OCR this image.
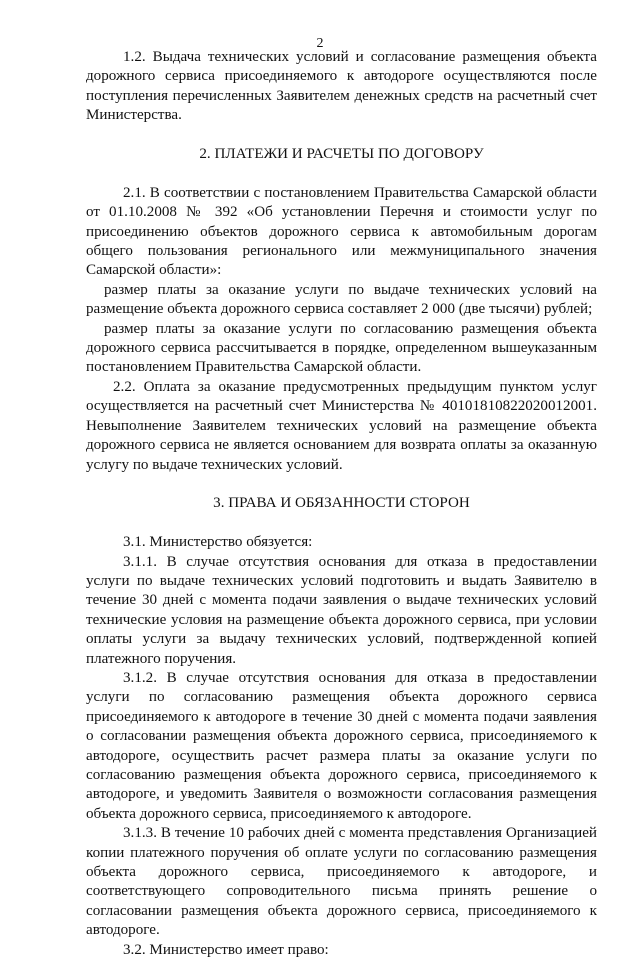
2

1.2. Выдача технических условий и согласование размещения объекта дорожного сервиса присоединяемого к автодороге осуществляются после поступления перечисленных Заявителем денежных средств на расчетный счет Министерства.

2. ПЛАТЕЖИ И РАСЧЕТЫ ПО ДОГОВОРУ

2.1. В соответствии с постановлением Правительства Самарской области от 01.10.2008 № 392 «Об установлении Перечня и стоимости услуг по присоединению объектов дорожного сервиса к автомобильным дорогам общего пользования регионального или межмуниципального значения Самарской области»:

размер платы за оказание услуги по выдаче технических условий на размещение объекта дорожного сервиса составляет 2 000 (две тысячи) рублей;

размер платы за оказание услуги по согласованию размещения объекта дорожного сервиса рассчитывается в порядке, определенном вышеуказанным постановлением Правительства Самарской области.

2.2. Оплата за оказание предусмотренных предыдущим пунктом услуг осуществляется на расчетный счет Министерства № 40101810822020012001. Невыполнение Заявителем технических условий на размещение объекта дорожного сервиса не является основанием для возврата оплаты за оказанную услугу по выдаче технических условий.

3. ПРАВА И ОБЯЗАННОСТИ СТОРОН

3.1. Министерство обязуется:

3.1.1. В случае отсутствия основания для отказа в предоставлении услуги по выдаче технических условий подготовить и выдать Заявителю в течение 30 дней с момента подачи заявления о выдаче технических условий технические условия на размещение объекта дорожного сервиса, при условии оплаты услуги за выдачу технических условий, подтвержденной копией платежного поручения.

3.1.2. В случае отсутствия основания для отказа в предоставлении услуги по согласованию размещения объекта дорожного сервиса присоединяемого к автодороге в течение 30 дней с момента подачи заявления о согласовании размещения объекта дорожного сервиса, присоединяемого к автодороге, осуществить расчет размера платы за оказание услуги по согласованию размещения объекта дорожного сервиса, присоединяемого к автодороге, и уведомить Заявителя о возможности согласования размещения объекта дорожного сервиса, присоединяемого к автодороге.

3.1.3. В течение 10 рабочих дней с момента представления Организацией копии платежного поручения об оплате услуги по согласованию размещения объекта дорожного сервиса, присоединяемого к автодороге, и соответствующего сопроводительного письма принять решение о согласовании размещения объекта дорожного сервиса, присоединяемого к автодороге.

3.2. Министерство имеет право:
